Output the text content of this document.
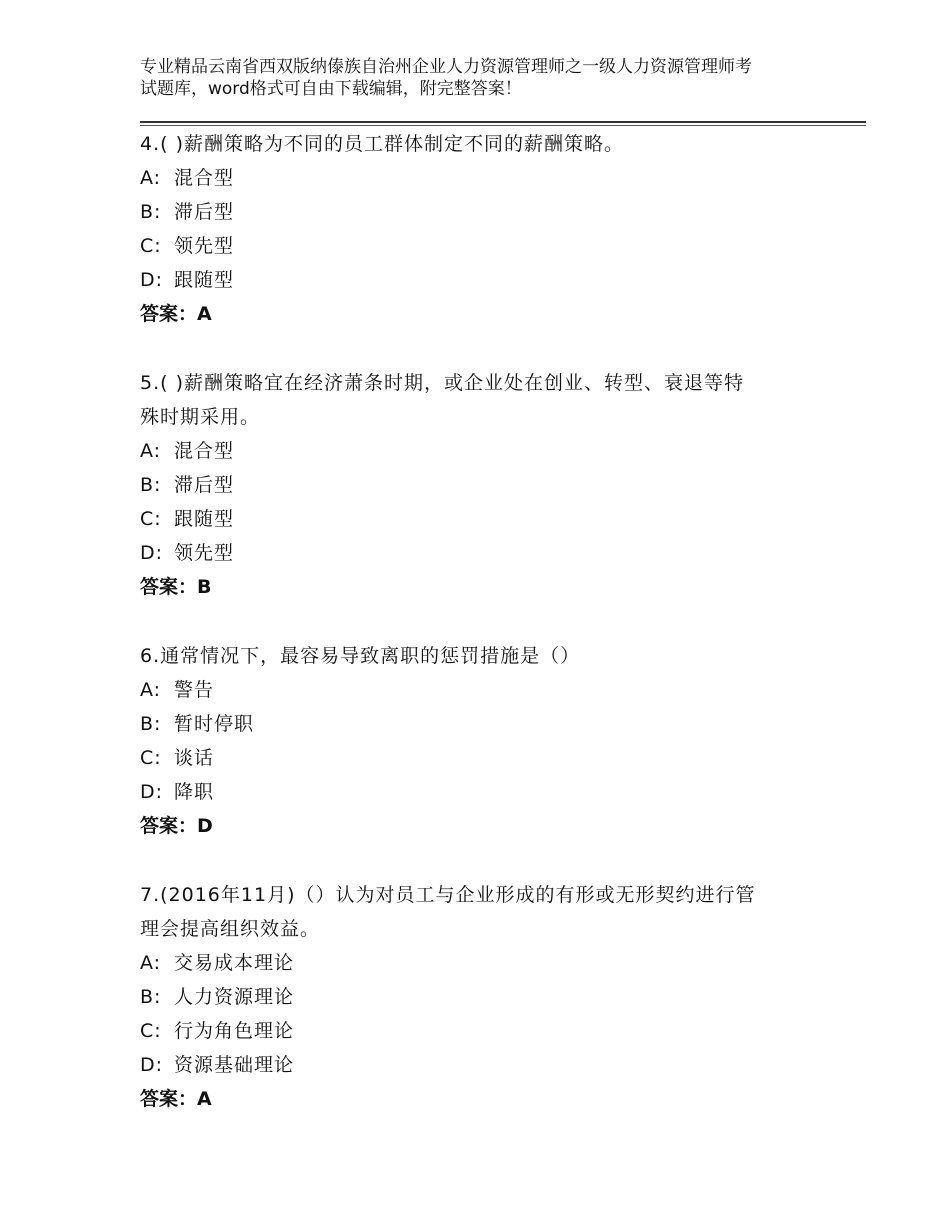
专业精品云南省西双版纳傣族自治州企业人力资源管理师之一级人力资源管理师考
试题库，word格式可自由下载编辑，附完整答案！

4.( )薪酬策略为不同的员工群体制定不同的薪酬策略。

A: 混合型

B: 滞后型

C: 领先型

D: 跟随型

答案：A

5.( )薪酬策略宜在经济萧条时期，或企业处在创业、转型、衰退等特

殊时期采用。

A: 混合型

B: 滞后型

C: 跟随型

D: 领先型

答案：B

6.通常情况下，最容易导致离职的惩罚措施是（）

A: 警告

B: 暂时停职

C: 谈话

D: 降职

答案：D

7.(2016年11月)（）认为对员工与企业形成的有形或无形契约进行管

理会提高组织效益。

A: 交易成本理论

B: 人力资源理论

C: 行为角色理论

D: 资源基础理论

答案：A
